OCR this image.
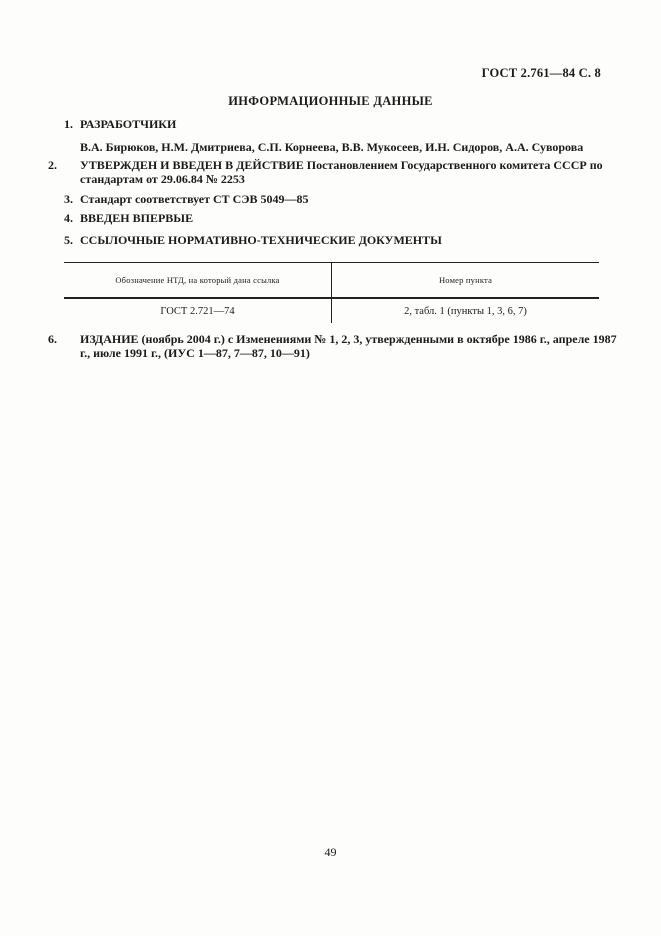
ГОСТ 2.761—84 С. 8
ИНФОРМАЦИОННЫЕ ДАННЫЕ
1. РАЗРАБОТЧИКИ
В.А. Бирюков, Н.М. Дмитриева, С.П. Корнеева, В.В. Мукосеев, И.Н. Сидоров, А.А. Суворова
2. УТВЕРЖДЕН И ВВЕДЕН В ДЕЙСТВИЕ Постановлением Государственного комитета СССР по стандартам от 29.06.84 № 2253
3. Стандарт соответствует СТ СЭВ 5049—85
4. ВВЕДЕН ВПЕРВЫЕ
5. ССЫЛОЧНЫЕ НОРМАТИВНО-ТЕХНИЧЕСКИЕ ДОКУМЕНТЫ
Обозначение НТД, на который дана ссылка	Номер пункта
ГОСТ 2.721—74	2, табл. 1 (пункты 1, 3, 6, 7)
6. ИЗДАНИЕ (ноябрь 2004 г.) с Изменениями № 1, 2, 3, утвержденными в октябре 1986 г., апреле 1987 г., июле 1991 г., (ИУС 1—87, 7—87, 10—91)
49
